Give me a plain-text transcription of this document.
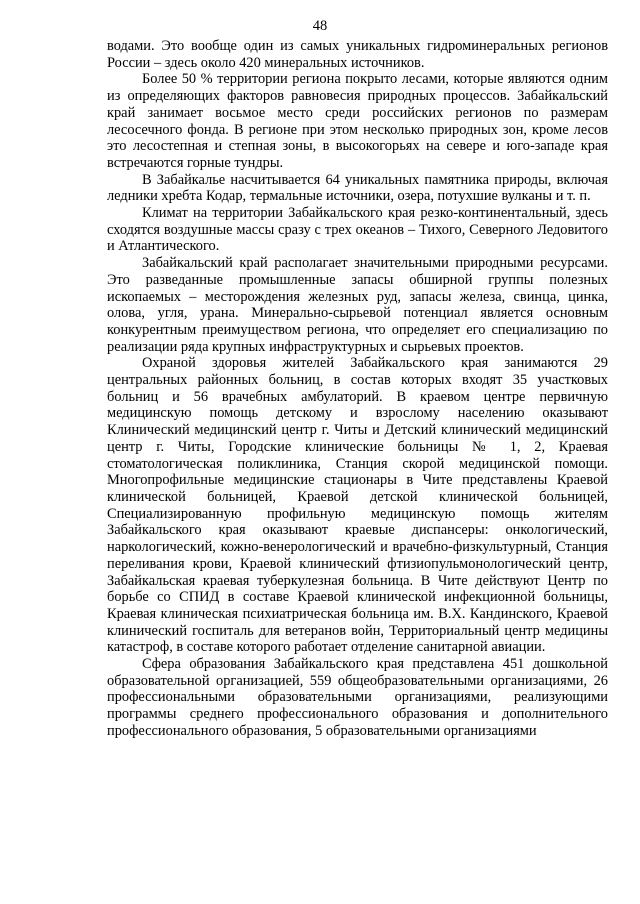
48

водами. Это вообще один из самых уникальных гидроминеральных регионов России – здесь около 420 минеральных источников.

Более 50 % территории региона покрыто лесами, которые являются одним из определяющих факторов равновесия природных процессов. Забайкальский край занимает восьмое место среди российских регионов по размерам лесосечного фонда. В регионе при этом несколько природных зон, кроме лесов это лесостепная и степная зоны, в высокогорьях на севере и юго-западе края встречаются горные тундры.

В Забайкалье насчитывается 64 уникальных памятника природы, включая ледники хребта Кодар, термальные источники, озера, потухшие вулканы и т. п.

Климат на территории Забайкальского края резко-континентальный, здесь сходятся воздушные массы сразу с трех океанов – Тихого, Северного Ледовитого и Атлантического.

Забайкальский край располагает значительными природными ресурсами. Это разведанные промышленные запасы обширной группы полезных ископаемых – месторождения железных руд, запасы железа, свинца, цинка, олова, угля, урана. Минерально-сырьевой потенциал является основным конкурентным преимуществом региона, что определяет его специализацию по реализации ряда крупных инфраструктурных и сырьевых проектов.

Охраной здоровья жителей Забайкальского края занимаются 29 центральных районных больниц, в состав которых входят 35 участковых больниц и 56 врачебных амбулаторий. В краевом центре первичную медицинскую помощь детскому и взрослому населению оказывают Клинический медицинский центр г. Читы и Детский клинический медицинский центр г. Читы, Городские клинические больницы № 1, 2, Краевая стоматологическая поликлиника, Станция скорой медицинской помощи. Многопрофильные медицинские стационары в Чите представлены Краевой клинической больницей, Краевой детской клинической больницей, Специализированную профильную медицинскую помощь жителям Забайкальского края оказывают краевые диспансеры: онкологический, наркологический, кожно-венерологический и врачебно-физкультурный, Станция переливания крови, Краевой клинический фтизиопульмонологический центр, Забайкальская краевая туберкулезная больница. В Чите действуют Центр по борьбе со СПИД в составе Краевой клинической инфекционной больницы, Краевая клиническая психиатрическая больница им. В.Х. Кандинского, Краевой клинический госпиталь для ветеранов войн, Территориальный центр медицины катастроф, в составе которого работает отделение санитарной авиации.

Сфера образования Забайкальского края представлена 451 дошкольной образовательной организацией, 559 общеобразовательными организациями, 26 профессиональными образовательными организациями, реализующими программы среднего профессионального образования и дополнительного профессионального образования, 5 образовательными организациями
